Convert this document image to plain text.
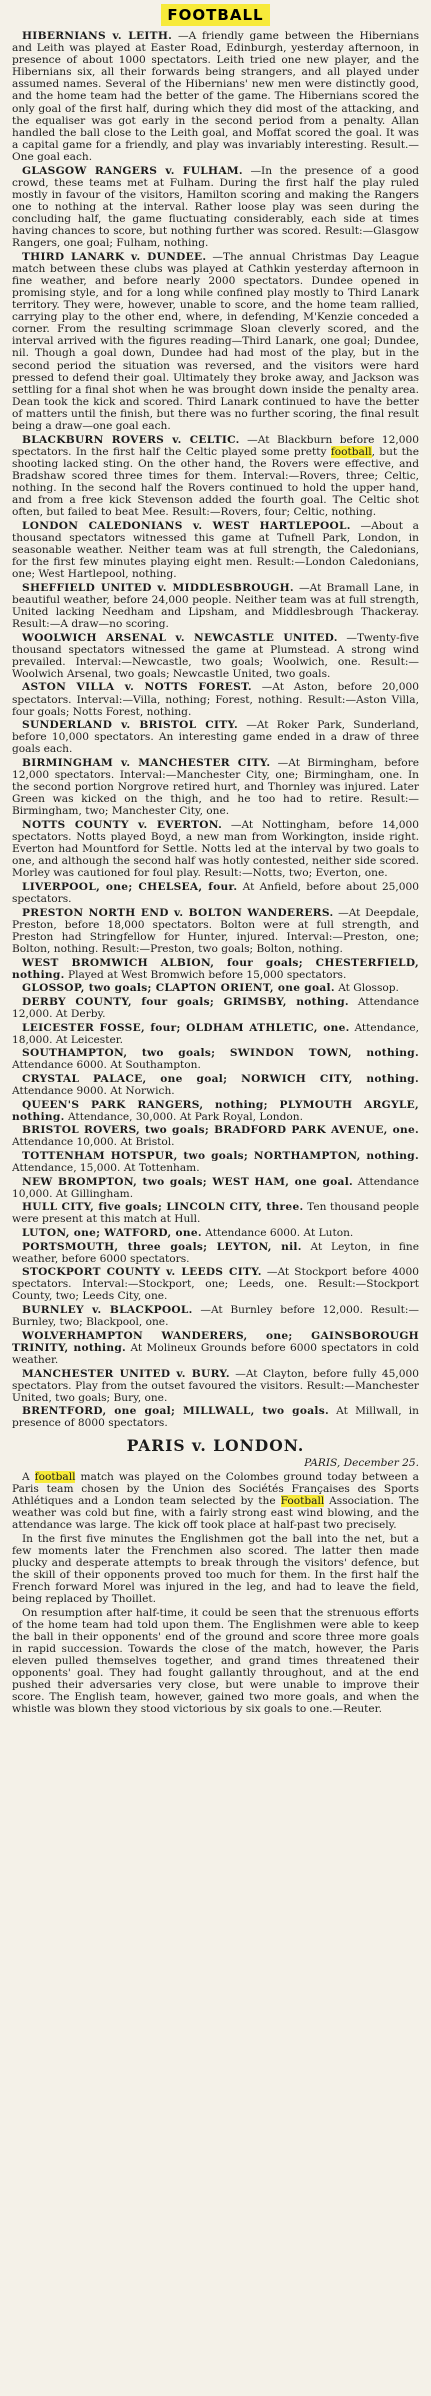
FOOTBALL

HIBERNIANS v. LEITH. —A friendly game between the Hibernians and Leith was played at Easter Road, Edinburgh, yesterday afternoon, in presence of about 1000 spectators. Leith tried one new player, and the Hibernians six, all their forwards being strangers, and all played under assumed names. Several of the Hibernians' new men were distinctly good, and the home team had the better of the game. The Hibernians scored the only goal of the first half, during which they did most of the attacking, and the equaliser was got early in the second period from a penalty. Allan handled the ball close to the Leith goal, and Moffat scored the goal. It was a capital game for a friendly, and play was invariably interesting. Result.—One goal each.

GLASGOW RANGERS v. FULHAM. —In the presence of a good crowd, these teams met at Fulham. During the first half the play ruled mostly in favour of the visitors, Hamilton scoring and making the Rangers one to nothing at the interval. Rather loose play was seen during the concluding half, the game fluctuating considerably, each side at times having chances to score, but nothing further was scored. Result:—Glasgow Rangers, one goal; Fulham, nothing.

THIRD LANARK v. DUNDEE. —The annual Christmas Day League match between these clubs was played at Cathkin yesterday afternoon in fine weather, and before nearly 2000 spectators. Dundee opened in promising style, and for a long while confined play mostly to Third Lanark territory. They were, however, unable to score, and the home team rallied, carrying play to the other end, where, in defending, M'Kenzie conceded a corner. From the resulting scrimmage Sloan cleverly scored, and the interval arrived with the figures reading—Third Lanark, one goal; Dundee, nil. Though a goal down, Dundee had had most of the play, but in the second period the situation was reversed, and the visitors were hard pressed to defend their goal. Ultimately they broke away, and Jackson was settling for a final shot when he was brought down inside the penalty area. Dean took the kick and scored. Third Lanark continued to have the better of matters until the finish, but there was no further scoring, the final result being a draw—one goal each.

BLACKBURN ROVERS v. CELTIC. —At Blackburn before 12,000 spectators. In the first half the Celtic played some pretty football, but the shooting lacked sting. On the other hand, the Rovers were effective, and Bradshaw scored three times for them. Interval:—Rovers, three; Celtic, nothing. In the second half the Rovers continued to hold the upper hand, and from a free kick Stevenson added the fourth goal. The Celtic shot often, but failed to beat Mee. Result:—Rovers, four; Celtic, nothing.

LONDON CALEDONIANS v. WEST HARTLEPOOL. —About a thousand spectators witnessed this game at Tufnell Park, London, in seasonable weather. Neither team was at full strength, the Caledonians, for the first few minutes playing eight men. Result:—London Caledonians, one; West Hartlepool, nothing.

SHEFFIELD UNITED v. MIDDLESBROUGH. —At Bramall Lane, in beautiful weather, before 24,000 people. Neither team was at full strength, United lacking Needham and Lipsham, and Middlesbrough Thackeray. Result:—A draw—no scoring.

WOOLWICH ARSENAL v. NEWCASTLE UNITED. —Twenty-five thousand spectators witnessed the game at Plumstead. A strong wind prevailed. Interval:—Newcastle, two goals; Woolwich, one. Result:—Woolwich Arsenal, two goals; Newcastle United, two goals.

ASTON VILLA v. NOTTS FOREST. —At Aston, before 20,000 spectators. Interval:—Villa, nothing; Forest, nothing. Result:—Aston Villa, four goals; Notts Forest, nothing.

SUNDERLAND v. BRISTOL CITY. —At Roker Park, Sunderland, before 10,000 spectators. An interesting game ended in a draw of three goals each.

BIRMINGHAM v. MANCHESTER CITY. —At Birmingham, before 12,000 spectators. Interval:—Manchester City, one; Birmingham, one. In the second portion Norgrove retired hurt, and Thornley was injured. Later Green was kicked on the thigh, and he too had to retire. Result:—Birmingham, two; Manchester City, one.

NOTTS COUNTY v. EVERTON. —At Nottingham, before 14,000 spectators. Notts played Boyd, a new man from Workington, inside right. Everton had Mountford for Settle. Notts led at the interval by two goals to one, and although the second half was hotly contested, neither side scored. Morley was cautioned for foul play. Result:—Notts, two; Everton, one.

LIVERPOOL, one; CHELSEA, four. At Anfield, before about 25,000 spectators.

PRESTON NORTH END v. BOLTON WANDERERS. —At Deepdale, Preston, before 18,000 spectators. Bolton were at full strength, and Preston had Stringfellow for Hunter, injured. Interval:—Preston, one; Bolton, nothing. Result:—Preston, two goals; Bolton, nothing.

WEST BROMWICH ALBION, four goals; CHESTERFIELD, nothing. Played at West Bromwich before 15,000 spectators.

GLOSSOP, two goals; CLAPTON ORIENT, one goal. At Glossop.

DERBY COUNTY, four goals; GRIMSBY, nothing. Attendance 12,000. At Derby.

LEICESTER FOSSE, four; OLDHAM ATHLETIC, one. Attendance, 18,000. At Leicester.

SOUTHAMPTON, two goals; SWINDON TOWN, nothing. Attendance 6000. At Southampton.

CRYSTAL PALACE, one goal; NORWICH CITY, nothing. Attendance 9000. At Norwich.

QUEEN'S PARK RANGERS, nothing; PLYMOUTH ARGYLE, nothing. Attendance, 30,000. At Park Royal, London.

BRISTOL ROVERS, two goals; BRADFORD PARK AVENUE, one. Attendance 10,000. At Bristol.

TOTTENHAM HOTSPUR, two goals; NORTHAMPTON, nothing. Attendance, 15,000. At Tottenham.

NEW BROMPTON, two goals; WEST HAM, one goal. Attendance 10,000. At Gillingham.

HULL CITY, five goals; LINCOLN CITY, three. Ten thousand people were present at this match at Hull.

LUTON, one; WATFORD, one. Attendance 6000. At Luton.

PORTSMOUTH, three goals; LEYTON, nil. At Leyton, in fine weather, before 6000 spectators.

STOCKPORT COUNTY v. LEEDS CITY. —At Stockport before 4000 spectators. Interval:—Stockport, one; Leeds, one. Result:—Stockport County, two; Leeds City, one.

BURNLEY v. BLACKPOOL. —At Burnley before 12,000. Result:—Burnley, two; Blackpool, one.

WOLVERHAMPTON WANDERERS, one; GAINSBOROUGH TRINITY, nothing. At Molineux Grounds before 6000 spectators in cold weather.

MANCHESTER UNITED v. BURY. —At Clayton, before fully 45,000 spectators. Play from the outset favoured the visitors. Result:—Manchester United, two goals; Bury, one.

BRENTFORD, one goal; MILLWALL, two goals. At Millwall, in presence of 8000 spectators.

PARIS v. LONDON.

PARIS, December 25.

A football match was played on the Colombes ground today between a Paris team chosen by the Union des Sociétés Françaises des Sports Athlétiques and a London team selected by the Football Association. The weather was cold but fine, with a fairly strong east wind blowing, and the attendance was large. The kick off took place at half-past two precisely.

In the first five minutes the Englishmen got the ball into the net, but a few moments later the Frenchmen also scored. The latter then made plucky and desperate attempts to break through the visitors' defence, but the skill of their opponents proved too much for them. In the first half the French forward Morel was injured in the leg, and had to leave the field, being replaced by Thoillet.

On resumption after half-time, it could be seen that the strenuous efforts of the home team had told upon them. The Englishmen were able to keep the ball in their opponents' end of the ground and score three more goals in rapid succession. Towards the close of the match, however, the Paris eleven pulled themselves together, and grand times threatened their opponents' goal. They had fought gallantly throughout, and at the end pushed their adversaries very close, but were unable to improve their score. The English team, however, gained two more goals, and when the whistle was blown they stood victorious by six goals to one.—Reuter.
